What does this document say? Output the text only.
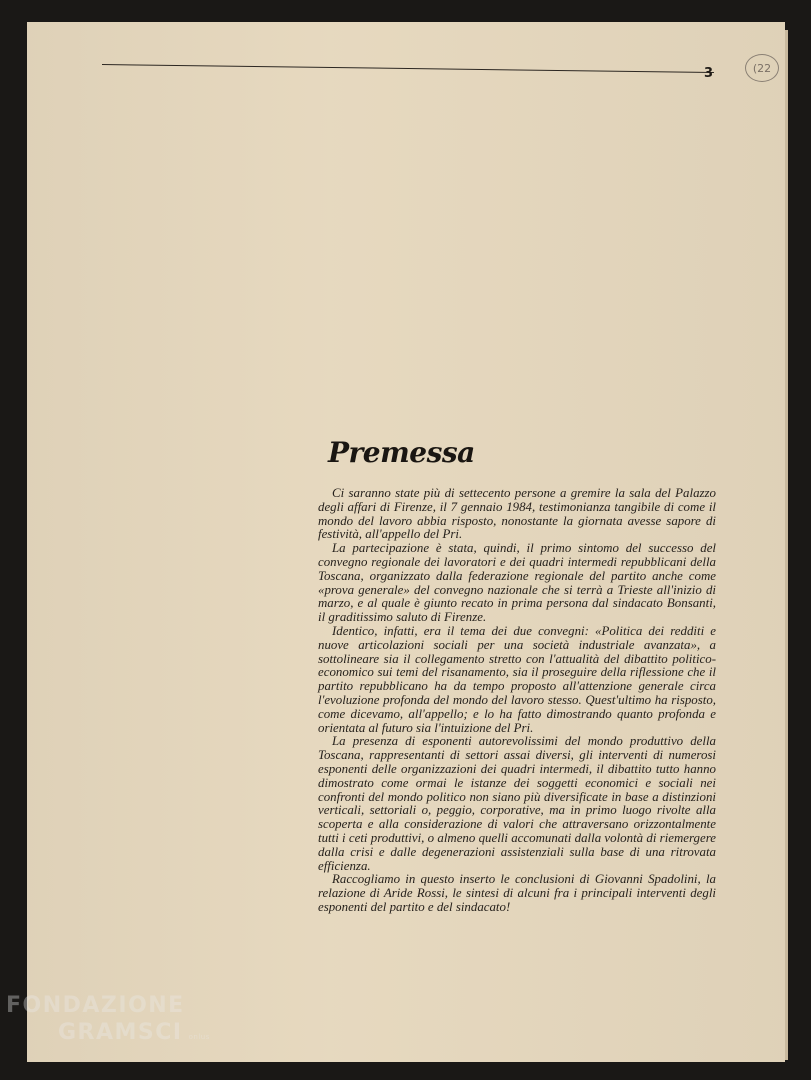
3	(22
Premessa

Ci saranno state più di settecento persone a gremire la sala del Palazzo degli affari di Firenze, il 7 gennaio 1984, testimonianza tangibile di come il mondo del lavoro abbia risposto, nonostante la giornata avesse sapore di festività, all'appello del Pri.

La partecipazione è stata, quindi, il primo sintomo del successo del convegno regionale dei lavoratori e dei quadri intermedi repubblicani della Toscana, organizzato dalla federazione regionale del partito anche come «prova generale» del convegno nazionale che si terrà a Trieste all'inizio di marzo, e al quale è giunto recato in prima persona dal sindacato Bonsanti, il graditissimo saluto di Firenze.

Identico, infatti, era il tema dei due convegni: «Politica dei redditi e nuove articolazioni sociali per una società industriale avanzata», a sottolineare sia il collegamento stretto con l'attualità del dibattito politico-economico sui temi del risanamento, sia il proseguire della riflessione che il partito repubblicano ha da tempo proposto all'attenzione generale circa l'evoluzione profonda del mondo del lavoro stesso. Quest'ultimo ha risposto, come dicevamo, all'appello; e lo ha fatto dimostrando quanto profonda e orientata al futuro sia l'intuizione del Pri.

La presenza di esponenti autorevolissimi del mondo produttivo della Toscana, rappresentanti di settori assai diversi, gli interventi di numerosi esponenti delle organizzazioni dei quadri intermedi, il dibattito tutto hanno dimostrato come ormai le istanze dei soggetti economici e sociali nei confronti del mondo politico non siano più diversificate in base a distinzioni verticali, settoriali o, peggio, corporative, ma in primo luogo rivolte alla scoperta e alla considerazione di valori che attraversano orizzontalmente tutti i ceti produttivi, o almeno quelli accomunati dalla volontà di riemergere dalla crisi e dalle degenerazioni assistenziali sulla base di una ritrovata efficienza.

Raccogliamo in questo inserto le conclusioni di Giovanni Spadolini, la relazione di Aride Rossi, le sintesi di alcuni fra i principali interventi degli esponenti del partito e del sindacato!

FONDAZIONE
GRAMSCI onlus
